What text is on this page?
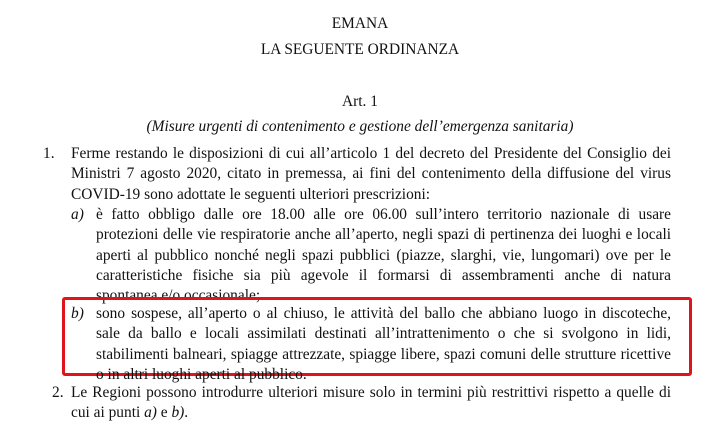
EMANA
LA SEGUENTE ORDINANZA
Art. 1
(Misure urgenti di contenimento e gestione dell’emergenza sanitaria)
1. Ferme restando le disposizioni di cui all’articolo 1 del decreto del Presidente del Consiglio dei
Ministri 7 agosto 2020, citato in premessa, ai fini del contenimento della diffusione del virus
COVID-19 sono adottate le seguenti ulteriori prescrizioni:
a) è fatto obbligo dalle ore 18.00 alle ore 06.00 sull’intero territorio nazionale di usare
protezioni delle vie respiratorie anche all’aperto, negli spazi di pertinenza dei luoghi e locali
aperti al pubblico nonché negli spazi pubblici (piazze, slarghi, vie, lungomari) ove per le
caratteristiche fisiche sia più agevole il formarsi di assembramenti anche di natura
spontanea e/o occasionale;
b) sono sospese, all’aperto o al chiuso, le attività del ballo che abbiano luogo in discoteche,
sale da ballo e locali assimilati destinati all’intrattenimento o che si svolgono in lidi,
stabilimenti balneari, spiagge attrezzate, spiagge libere, spazi comuni delle strutture ricettive
o in altri luoghi aperti al pubblico.
2. Le Regioni possono introdurre ulteriori misure solo in termini più restrittivi rispetto a quelle di
cui ai punti a) e b).
